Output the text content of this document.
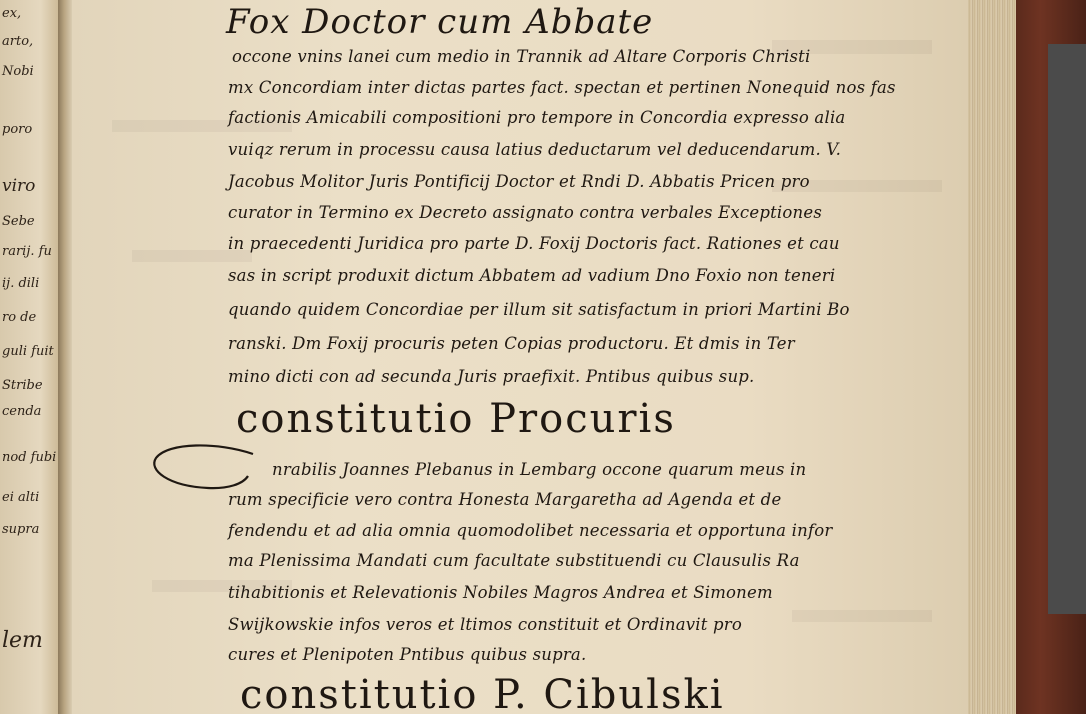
ex,
arto,
Nobi
poro
viro
Sebe
rarij. fu
ij. dili
ro de
guli fuit
Stribe
cenda
nod fubi
ei alti
supra
lem
Fox Doctor cum Abbate
occone vnins lanei cum medio in Trannik ad Altare Corporis Christi
mx Concordiam inter dictas partes fact. spectan et pertinen Nonequid nos fas
factionis Amicabili compositioni pro tempore in Concordia expresso alia
vuiqz rerum in processu causa latius deductarum vel deducendarum. V.
Jacobus Molitor Juris Pontificij Doctor et Rndi D. Abbatis Pricen pro
curator in Termino ex Decreto assignato contra verbales Exceptiones
in praecedenti Juridica pro parte D. Foxij Doctoris fact. Rationes et cau
sas in script produxit dictum Abbatem ad vadium Dno Foxio non teneri
quando quidem Concordiae per illum sit satisfactum in priori Martini Bo
ranski. Dm Foxij procuris peten Copias productoru. Et dmis in Ter
mino dicti con ad secunda Juris praefixit. Pntibus quibus sup.
constitutio Procuris
nrabilis Joannes Plebanus in Lembarg occone quarum meus in
rum specificie vero contra Honesta Margaretha ad Agenda et de
fendendu et ad alia omnia quomodolibet necessaria et opportuna infor
ma Plenissima Mandati cum facultate substituendi cu Clausulis Ra
tihabitionis et Relevationis Nobiles Magros Andrea et Simonem
Swijkowskie infos veros et ltimos constituit et Ordinavit pro
cures et Plenipoten Pntibus quibus supra.
constitutio P. Cibulski
